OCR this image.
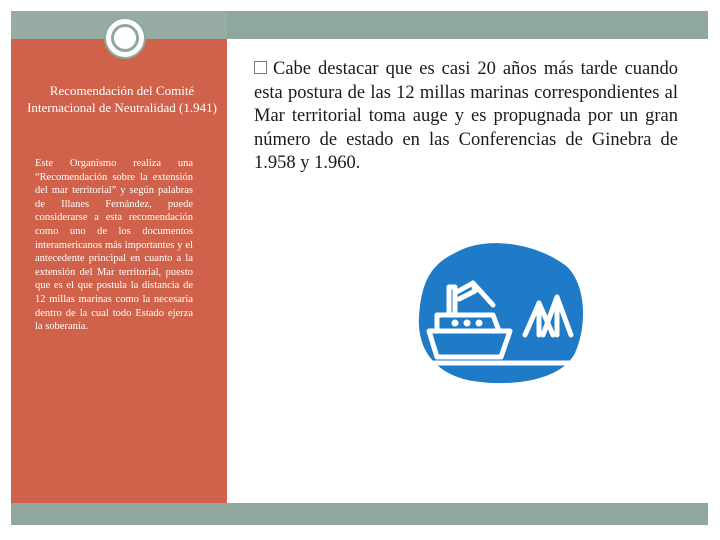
Recomendación del Comité Internacional de Neutralidad (1.941)
Este Organismo realiza una “Recomendación sobre la extensión del mar territorial” y según palabras de Illanes Fernández, puede considerarse a esta recomendación como uno de los documentos interamericanos más importantes y el antecedente principal en cuanto a la extensión del Mar territorial, puesto que es el que postula la distancia de 12 millas marinas como la necesaria dentro de la cual todo Estado ejerza la soberanía.
Cabe destacar que es casi 20 años más tarde cuando esta postura de las 12 millas marinas correspondientes al Mar territorial toma auge y es propugnada por un gran número de estado en las Conferencias de Ginebra de 1.958 y 1.960.
